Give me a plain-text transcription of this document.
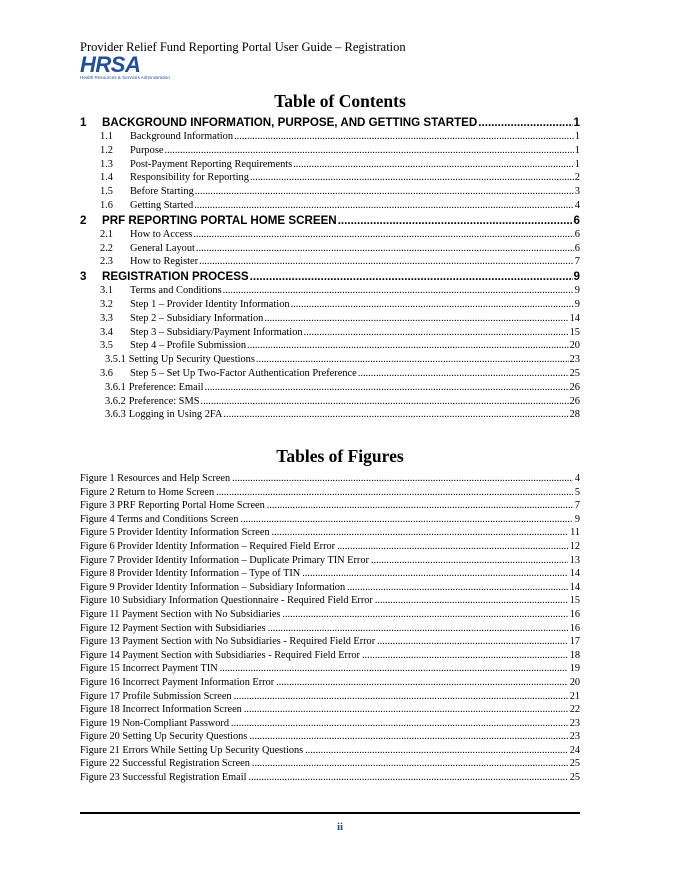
Provider Relief Fund Reporting Portal User Guide – Registration
HRSA
Health Resources & Services Administration
Table of Contents
1	BACKGROUND INFORMATION, PURPOSE, AND GETTING STARTED .....	1
1.1	Background Information .....	1
1.2	Purpose .....	1
1.3	Post-Payment Reporting Requirements .....	1
1.4	Responsibility for Reporting .....	2
1.5	Before Starting .....	3
1.6	Getting Started .....	4
2	PRF REPORTING PORTAL HOME SCREEN .....	6
2.1	How to Access .....	6
2.2	General Layout .....	6
2.3	How to Register .....	7
3	REGISTRATION PROCESS .....	9
3.1	Terms and Conditions .....	9
3.2	Step 1 – Provider Identity Information .....	9
3.3	Step 2 – Subsidiary Information .....	14
3.4	Step 3 – Subsidiary/Payment Information .....	15
3.5	Step 4 – Profile Submission .....	20
3.5.1 Setting Up Security Questions .....	23
3.6	Step 5 – Set Up Two-Factor Authentication Preference .....	25
3.6.1 Preference: Email .....	26
3.6.2 Preference: SMS .....	26
3.6.3 Logging in Using 2FA .....	28
Tables of Figures
Figure 1 Resources and Help Screen .....	4
Figure 2 Return to Home Screen .....	5
Figure 3 PRF Reporting Portal Home Screen .....	7
Figure 4 Terms and Conditions Screen .....	9
Figure 5 Provider Identity Information Screen .....	11
Figure 6 Provider Identity Information – Required Field Error .....	12
Figure 7 Provider Identity Information – Duplicate Primary TIN Error .....	13
Figure 8 Provider Identity Information – Type of TIN .....	14
Figure 9 Provider Identity Information – Subsidiary Information .....	14
Figure 10 Subsidiary Information Questionnaire - Required Field Error .....	15
Figure 11 Payment Section with No Subsidiaries .....	16
Figure 12 Payment Section with Subsidiaries .....	16
Figure 13 Payment Section with No Subsidiaries - Required Field Error .....	17
Figure 14 Payment Section with Subsidiaries - Required Field Error .....	18
Figure 15 Incorrect Payment TIN .....	19
Figure 16 Incorrect Payment Information Error .....	20
Figure 17 Profile Submission Screen .....	21
Figure 18 Incorrect Information Screen .....	22
Figure 19 Non-Compliant Password .....	23
Figure 20 Setting Up Security Questions .....	23
Figure 21 Errors While Setting Up Security Questions .....	24
Figure 22 Successful Registration Screen .....	25
Figure 23 Successful Registration Email .....	25
ii
